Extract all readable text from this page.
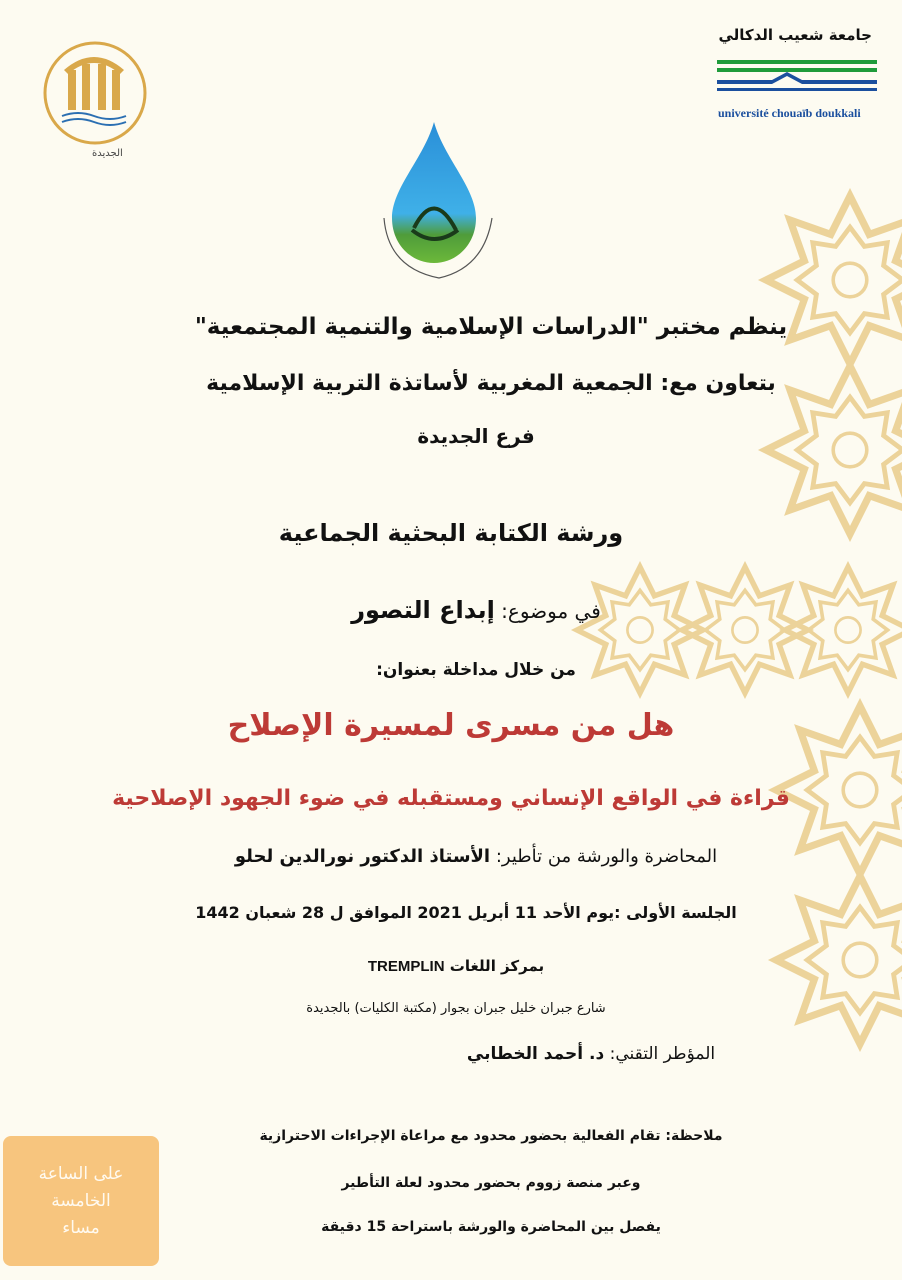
الجديدة
جامعة شعيب الدكالي
université chouaïb doukkali
ينظم مختبر "الدراسات الإسلامية والتنمية المجتمعية"
بتعاون مع: الجمعية المغربية لأساتذة التربية الإسلامية
فرع الجديدة
ورشة الكتابة البحثية الجماعية
في موضوع: إبداع التصور
من خلال مداخلة بعنوان:
هل من مسرى لمسيرة الإصلاح
قراءة في الواقع الإنساني ومستقبله في ضوء الجهود الإصلاحية
المحاضرة والورشة من تأطير: الأستاذ الدكتور نورالدين لحلو
الجلسة الأولى :يوم الأحد 11 أبريل 2021 الموافق ل 28 شعبان 1442
بمركز اللغات TREMPLIN
شارع جبران خليل جبران بجوار (مكتبة الكليات) بالجديدة
المؤطر التقني: د. أحمد الخطابي
ملاحظة: تقام الفعالية بحضور محدود مع مراعاة الإجراءات الاحترازية
وعبر منصة زووم بحضور محدود لعلة التأطير
يفصل بين المحاضرة والورشة باستراحة 15 دقيقة
على الساعة
الخامسة
مساء
